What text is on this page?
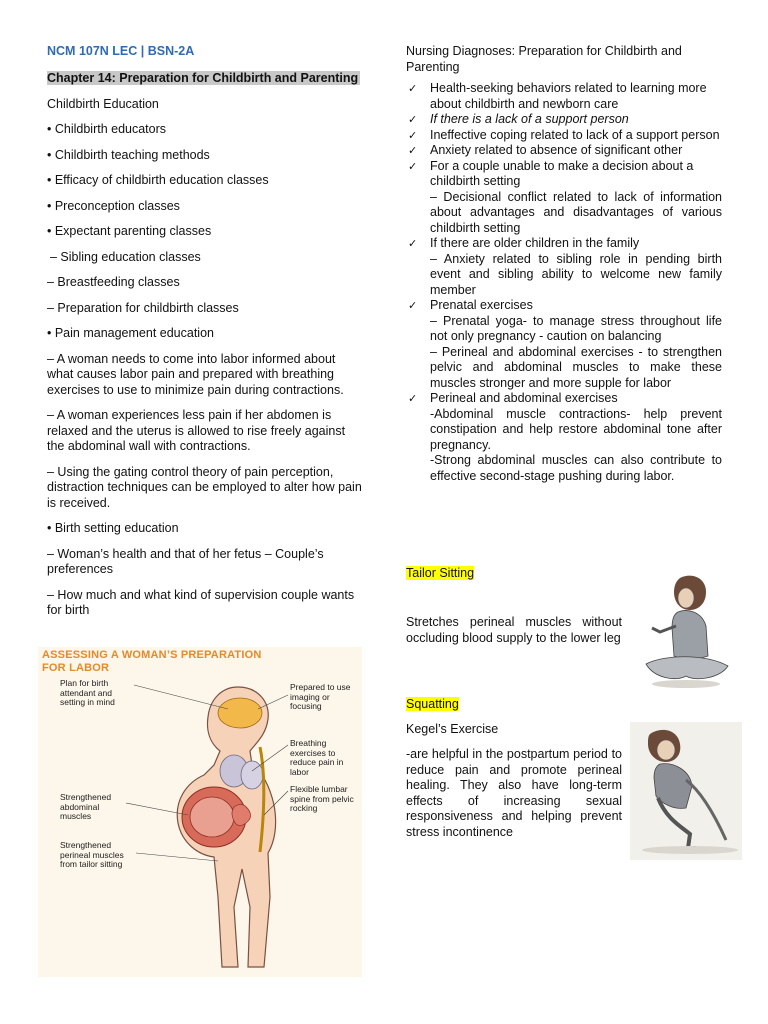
NCM 107N LEC | BSN-2A
Chapter 14: Preparation for Childbirth and Parenting
Childbirth Education
• Childbirth educators
• Childbirth teaching methods
• Efficacy of childbirth education classes
• Preconception classes
• Expectant parenting classes
– Sibling education classes
– Breastfeeding classes
– Preparation for childbirth classes
• Pain management education
– A woman needs to come into labor informed about what causes labor pain and prepared with breathing exercises to use to minimize pain during contractions.
– A woman experiences less pain if her abdomen is relaxed and the uterus is allowed to rise freely against the abdominal wall with contractions.
– Using the gating control theory of pain perception, distraction techniques can be employed to alter how pain is received.
• Birth setting education
– Woman’s health and that of her fetus – Couple’s preferences
– How much and what kind of supervision couple wants for birth
ASSESSING A WOMAN’S PREPARATION
FOR LABOR
Plan for birth attendant and setting in mind
Prepared to use imaging or focusing
Breathing exercises to reduce pain in labor
Strengthened abdominal muscles
Flexible lumbar spine from pelvic rocking
Strengthened perineal muscles from tailor sitting
Nursing Diagnoses: Preparation for Childbirth and Parenting
✓ Health-seeking behaviors related to learning more about childbirth and newborn care
✓ If there is a lack of a support person
✓ Ineffective coping related to lack of a support person
✓ Anxiety related to absence of significant other
✓ For a couple unable to make a decision about a childbirth setting
– Decisional conflict related to lack of information about advantages and disadvantages of various childbirth setting
✓ If there are older children in the family
– Anxiety related to sibling role in pending birth event and sibling ability to welcome new family member
✓ Prenatal exercises
– Prenatal yoga- to manage stress throughout life not only pregnancy - caution on balancing
– Perineal and abdominal exercises - to strengthen pelvic and abdominal muscles to make these muscles stronger and more supple for labor
✓ Perineal and abdominal exercises
-Abdominal muscle contractions- help prevent constipation and help restore abdominal tone after pregnancy.
-Strong abdominal muscles can also contribute to effective second-stage pushing during labor.
Tailor Sitting
Stretches perineal muscles without occluding blood supply to the lower leg
Squatting
Kegel’s Exercise
-are helpful in the postpartum period to reduce pain and promote perineal healing. They also have long-term effects of increasing sexual responsiveness and helping prevent stress incontinence
